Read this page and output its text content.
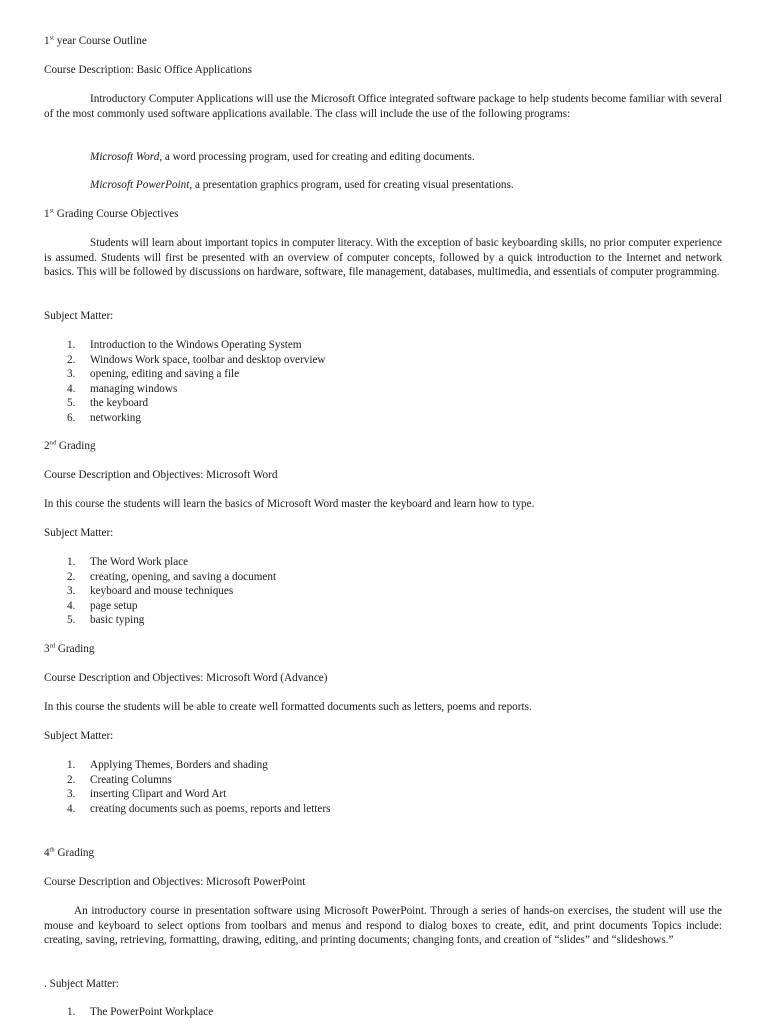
1st year Course Outline

Course Description: Basic Office Applications

Introductory Computer Applications will use the Microsoft Office integrated software package to help students become familiar with several of the most commonly used software applications available. The class will include the use of the following programs:

Microsoft Word, a word processing program, used for creating and editing documents.

Microsoft PowerPoint, a presentation graphics program, used for creating visual presentations.

1st Grading Course Objectives

Students will learn about important topics in computer literacy. With the exception of basic keyboarding skills, no prior computer experience is assumed. Students will first be presented with an overview of computer concepts, followed by a quick introduction to the Internet and network basics. This will be followed by discussions on hardware, software, file management, databases, multimedia, and essentials of computer programming.

Subject Matter:

1. Introduction to the Windows Operating System
2. Windows Work space, toolbar and desktop overview
3. opening, editing and saving a file
4. managing windows
5. the keyboard
6. networking

2nd Grading

Course Description and Objectives: Microsoft Word

In this course the students will learn the basics of Microsoft Word master the keyboard and learn how to type.

Subject Matter:

1. The Word Work place
2. creating, opening, and saving a document
3. keyboard and mouse techniques
4. page setup
5. basic typing

3rd Grading

Course Description and Objectives: Microsoft Word (Advance)

In this course the students will be able to create well formatted documents such as letters, poems and reports.

Subject Matter:

1. Applying Themes, Borders and shading
2. Creating Columns
3. inserting Clipart and Word Art
4. creating documents such as poems, reports and letters

4th Grading

Course Description and Objectives: Microsoft PowerPoint

An introductory course in presentation software using Microsoft PowerPoint. Through a series of hands-on exercises, the student will use the mouse and keyboard to select options from toolbars and menus and respond to dialog boxes to create, edit, and print documents Topics include: creating, saving, retrieving, formatting, drawing, editing, and printing documents; changing fonts, and creation of “slides” and “slideshows.”

. Subject Matter:

1. The PowerPoint Workplace
